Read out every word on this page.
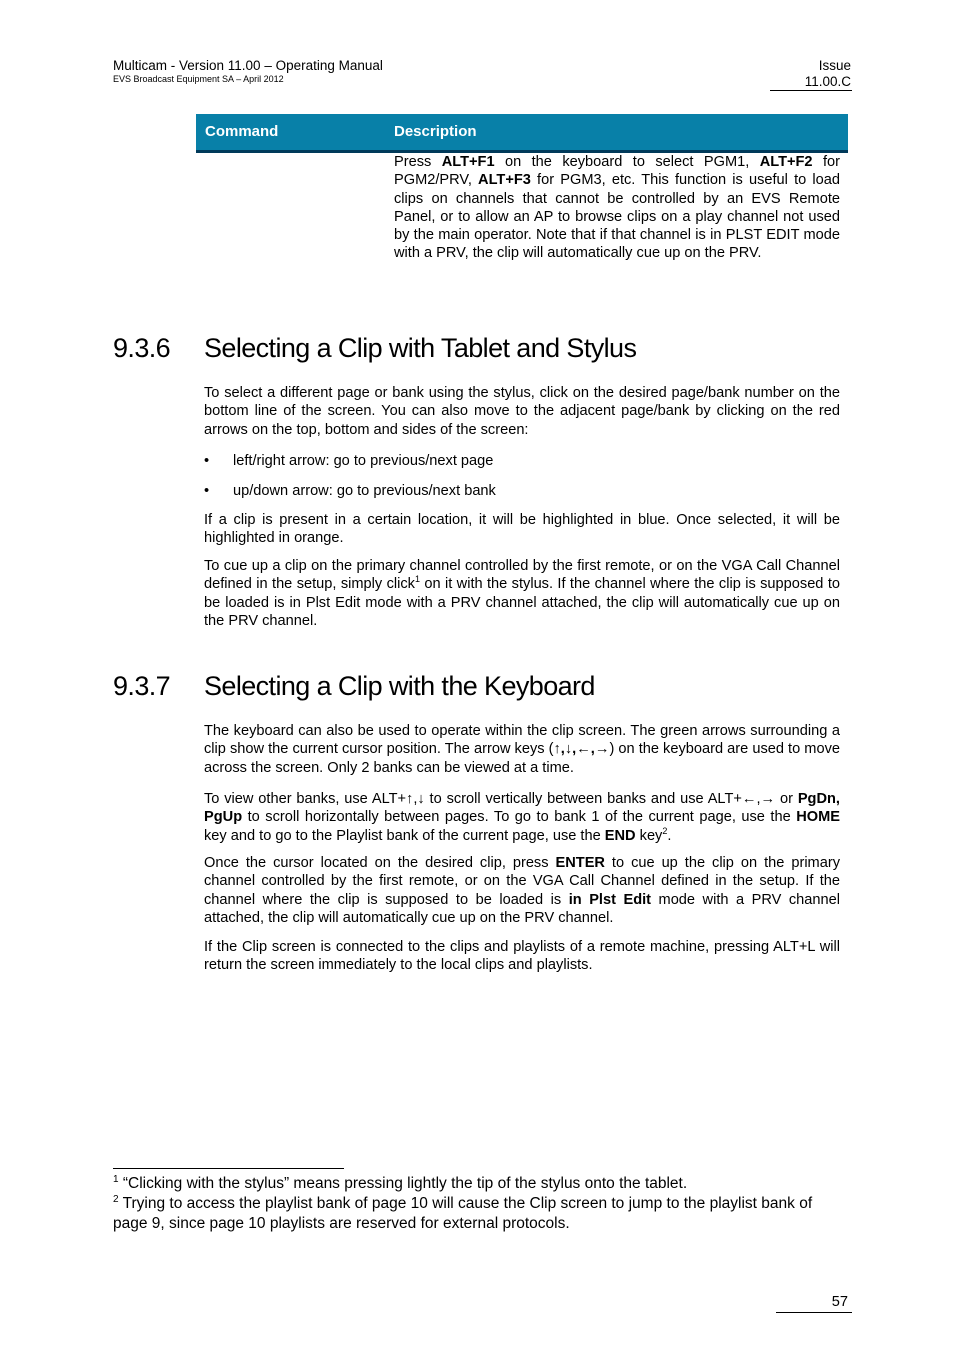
Multicam - Version 11.00 – Operating Manual
EVS Broadcast Equipment SA – April 2012
Issue
11.00.C
Command	Description
Press ALT+F1 on the keyboard to select PGM1, ALT+F2 for PGM2/PRV, ALT+F3 for PGM3, etc. This function is useful to load clips on channels that cannot be controlled by an EVS Remote Panel, or to allow an AP to browse clips on a play channel not used by the main operator. Note that if that channel is in PLST EDIT mode with a PRV, the clip will automatically cue up on the PRV.
9.3.6 Selecting a Clip with Tablet and Stylus

To select a different page or bank using the stylus, click on the desired page/bank number on the bottom line of the screen. You can also move to the adjacent page/bank by clicking on the red arrows on the top, bottom and sides of the screen:

• left/right arrow: go to previous/next page
• up/down arrow: go to previous/next bank

If a clip is present in a certain location, it will be highlighted in blue. Once selected, it will be highlighted in orange.

To cue up a clip on the primary channel controlled by the first remote, or on the VGA Call Channel defined in the setup, simply click$^1$ on it with the stylus. If the channel where the clip is supposed to be loaded is in Plst Edit mode with a PRV channel attached, the clip will automatically cue up on the PRV channel.

9.3.7 Selecting a Clip with the Keyboard

The keyboard can also be used to operate within the clip screen. The green arrows surrounding a clip show the current cursor position. The arrow keys (↑,↓,←,→) on the keyboard are used to move across the screen. Only 2 banks can be viewed at a time.

To view other banks, use ALT+↑,↓ to scroll vertically between banks and use ALT+←,→ or PgDn, PgUp to scroll horizontally between pages. To go to bank 1 of the current page, use the HOME key and to go to the Playlist bank of the current page, use the END key$^2$.

Once the cursor located on the desired clip, press ENTER to cue up the clip on the primary channel controlled by the first remote, or on the VGA Call Channel defined in the setup. If the channel where the clip is supposed to be loaded is in Plst Edit mode with a PRV channel attached, the clip will automatically cue up on the PRV channel.

If the Clip screen is connected to the clips and playlists of a remote machine, pressing ALT+L will return the screen immediately to the local clips and playlists.

$^1$ “Clicking with the stylus” means pressing lightly the tip of the stylus onto the tablet.
$^2$ Trying to access the playlist bank of page 10 will cause the Clip screen to jump to the playlist bank of page 9, since page 10 playlists are reserved for external protocols.
57
